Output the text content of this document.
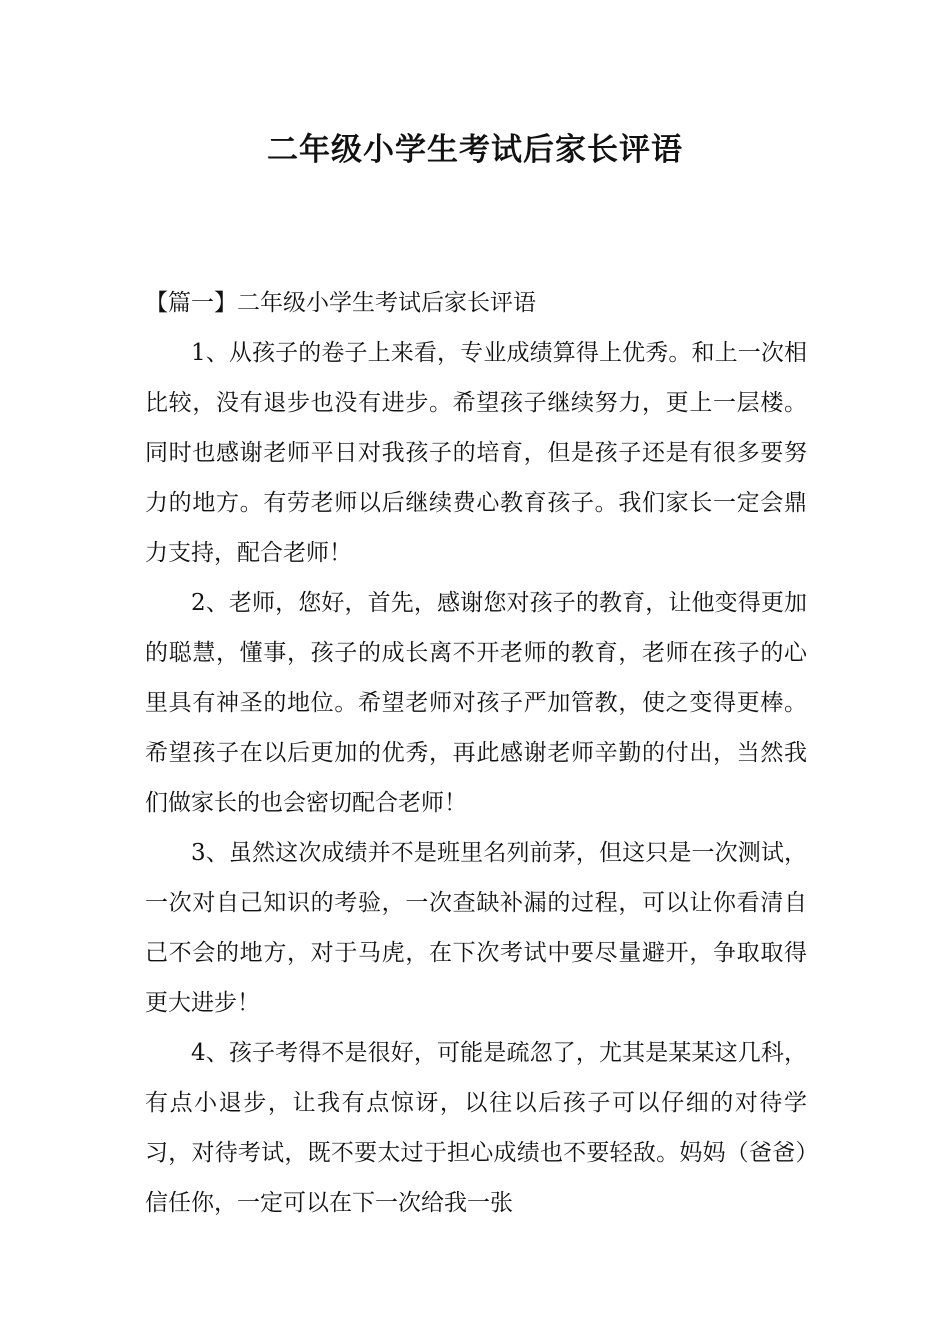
二年级小学生考试后家长评语

【篇一】二年级小学生考试后家长评语

1、从孩子的卷子上来看，专业成绩算得上优秀。和上一次相比较，没有退步也没有进步。希望孩子继续努力，更上一层楼。同时也感谢老师平日对我孩子的培育，但是孩子还是有很多要努力的地方。有劳老师以后继续费心教育孩子。我们家长一定会鼎力支持，配合老师！

2、老师，您好，首先，感谢您对孩子的教育，让他变得更加的聪慧，懂事，孩子的成长离不开老师的教育，老师在孩子的心里具有神圣的地位。希望老师对孩子严加管教，使之变得更棒。希望孩子在以后更加的优秀，再此感谢老师辛勤的付出，当然我们做家长的也会密切配合老师！

3、虽然这次成绩并不是班里名列前茅，但这只是一次测试，一次对自己知识的考验，一次查缺补漏的过程，可以让你看清自己不会的地方，对于马虎，在下次考试中要尽量避开，争取取得更大进步！

4、孩子考得不是很好，可能是疏忽了，尤其是某某这几科，有点小退步，让我有点惊讶，以往以后孩子可以仔细的对待学习，对待考试，既不要太过于担心成绩也不要轻敌。妈妈（爸爸）信任你，一定可以在下一次给我一张
